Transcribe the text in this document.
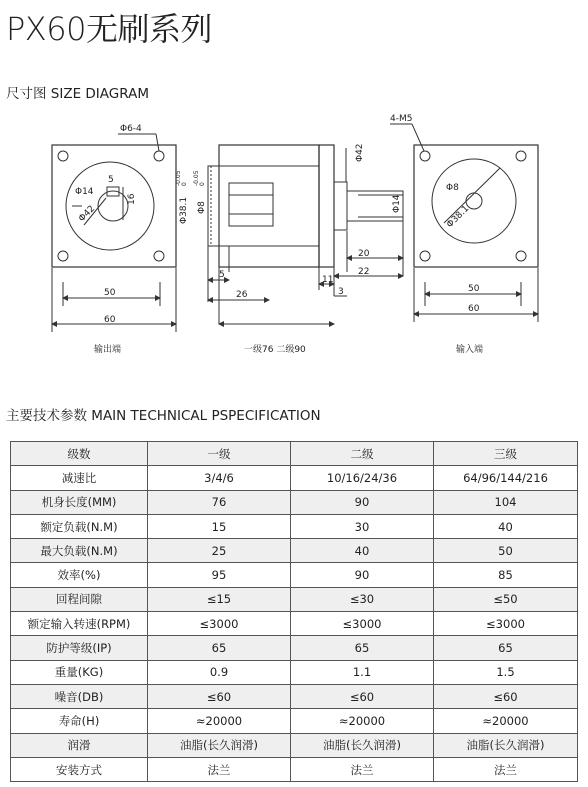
PX60无刷系列
尺寸图 SIZE DIAGRAM
Φ6-4
5
Φ14
16
Φ42
50
60
输出端
Φ38.1
-0.05 0
Φ8
-0.05 0
5
26
11
3
20
22
Φ14
Φ42
一级76 二级90
4-M5
Φ8
Φ38.1
50
60
输入端
主要技术参数 MAIN TECHNICAL PSPECIFICATION
级数	一级	二级	三级
减速比	3/4/6	10/16/24/36	64/96/144/216
机身长度(MM)	76	90	104
额定负载(N.M)	15	30	40
最大负载(N.M)	25	40	50
效率(%)	95	90	85
回程间隙	≤15	≤30	≤50
额定输入转速(RPM)	≤3000	≤3000	≤3000
防护等级(IP)	65	65	65
重量(KG)	0.9	1.1	1.5
噪音(DB)	≤60	≤60	≤60
寿命(H)	≈20000	≈20000	≈20000
润滑	油脂(长久润滑)	油脂(长久润滑)	油脂(长久润滑)
安装方式	法兰	法兰	法兰
